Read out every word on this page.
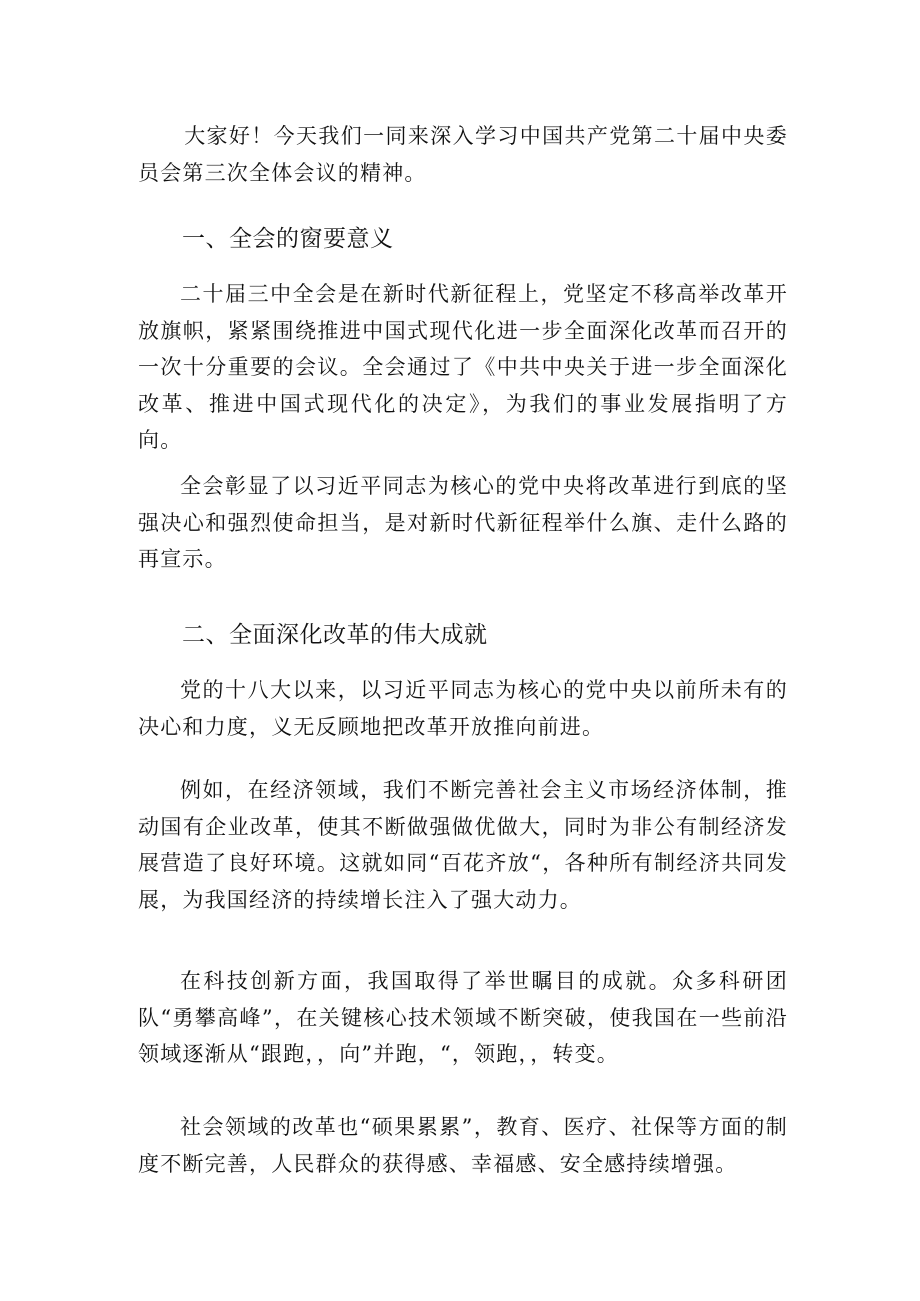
大家好！今天我们一同来深入学习中国共产党第二十届中央委员会第三次全体会议的精神。

一、全会的窗要意义

二十届三中全会是在新时代新征程上，党坚定不移高举改革开放旗帜，紧紧围绕推进中国式现代化进一步全面深化改革而召开的一次十分重要的会议。全会通过了《中共中央关于进一步全面深化改革、推进中国式现代化的决定》，为我们的事业发展指明了方向。

全会彰显了以习近平同志为核心的党中央将改革进行到底的坚强决心和强烈使命担当，是对新时代新征程举什么旗、走什么路的再宣示。

二、全面深化改革的伟大成就

党的十八大以来，以习近平同志为核心的党中央以前所未有的决心和力度，义无反顾地把改革开放推向前进。

例如，在经济领域，我们不断完善社会主义市场经济体制，推动国有企业改革，使其不断做强做优做大，同时为非公有制经济发展营造了良好环境。这就如同“百花齐放“，各种所有制经济共同发展，为我国经济的持续增长注入了强大动力。

在科技创新方面，我国取得了举世瞩目的成就。众多科研团队“勇攀高峰”，在关键核心技术领域不断突破，使我国在一些前沿领域逐渐从“跟跑，，向”并跑，“，领跑，，转变。

社会领域的改革也“硕果累累”，教育、医疗、社保等方面的制度不断完善，人民群众的获得感、幸福感、安全感持续增强。
